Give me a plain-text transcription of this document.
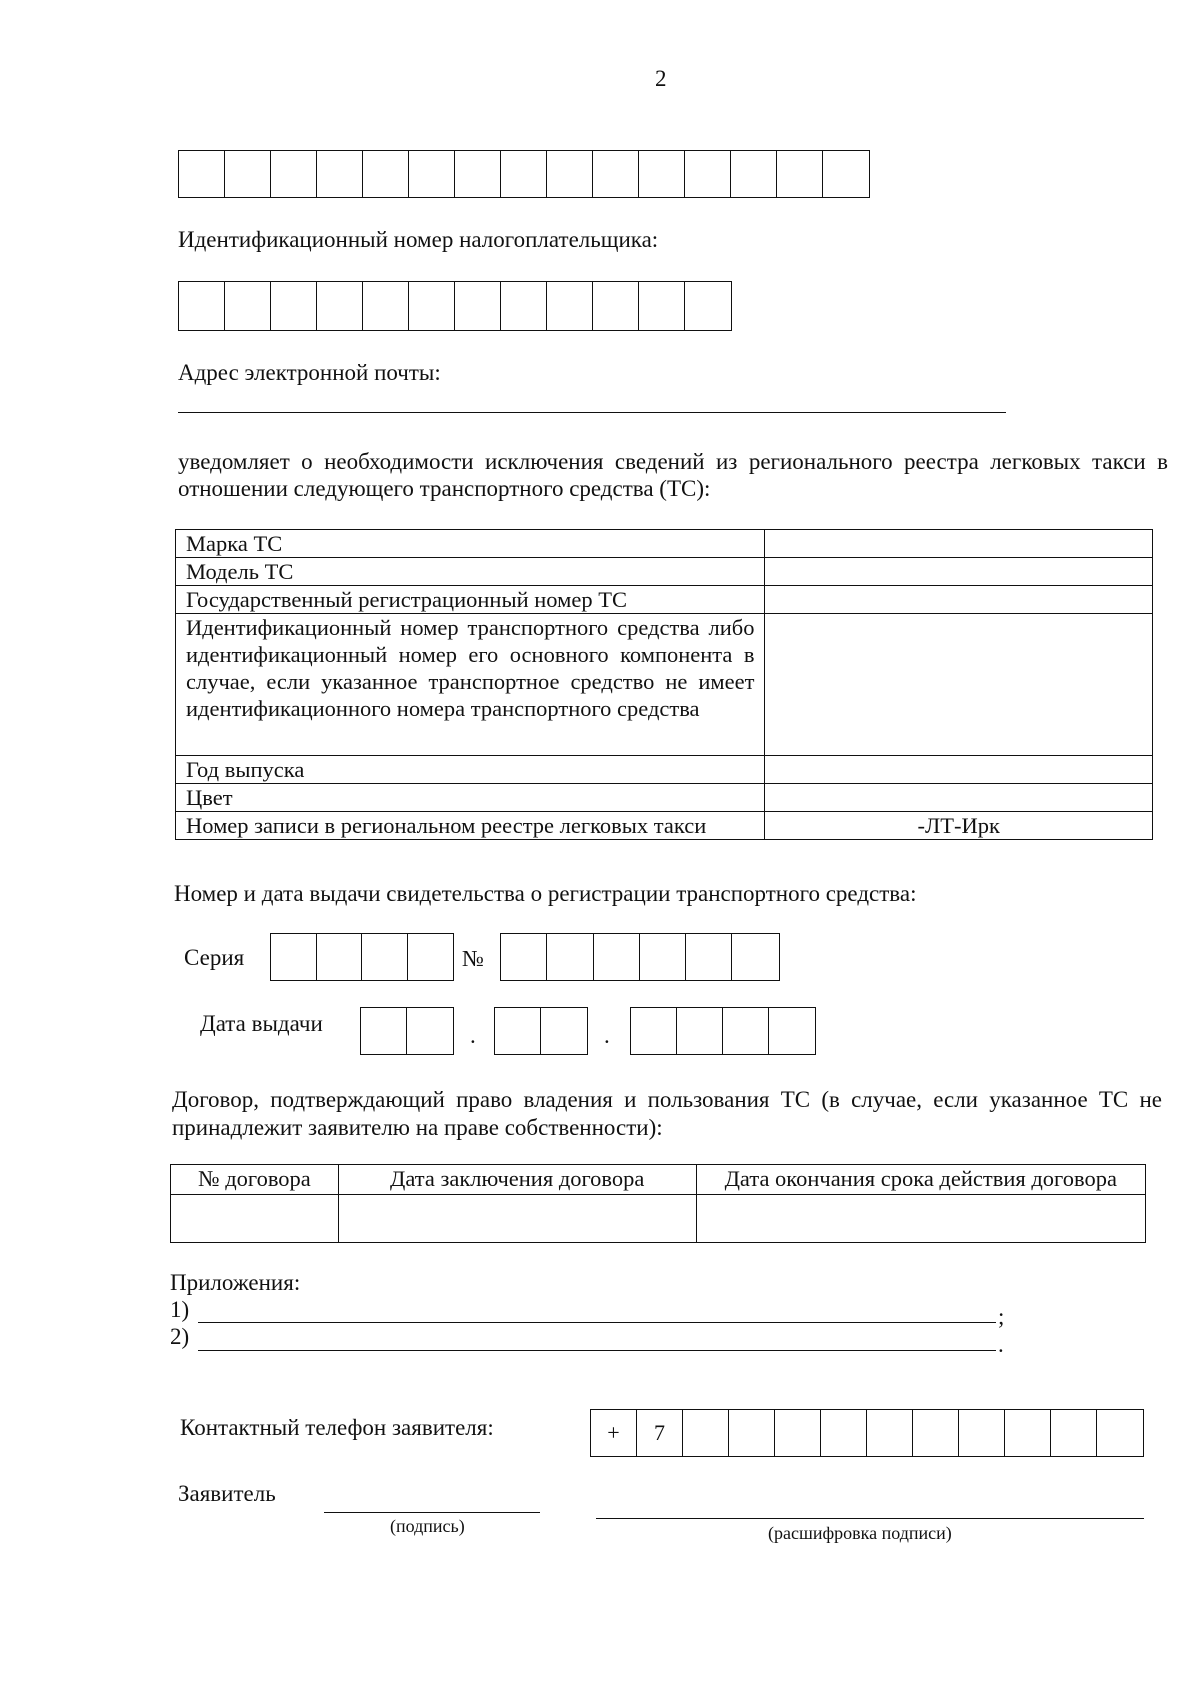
2
Идентификационный номер налогоплательщика:
Адрес электронной почты:
уведомляет о необходимости исключения сведений из регионального реестра легковых такси в отношении следующего транспортного средства (ТС):
Марка ТС	
Модель ТС	
Государственный регистрационный номер ТС	
Идентификационный номер транспортного средства либо идентификационный номер его основного компонента в случае, если указанное транспортное средство не имеет идентификационного номера транспортного средства	
Год выпуска	
Цвет	
Номер записи в региональном реестре легковых такси	-ЛТ-Ирк
Номер и дата выдачи свидетельства о регистрации транспортного средства:
Серия	№
Дата выдачи	.	.
Договор, подтверждающий право владения и пользования ТС (в случае, если указанное ТС не принадлежит заявителю на праве собственности):
№ договора	Дата заключения договора	Дата окончания срока действия договора

Приложения:
1)	;
2)	.
Контактный телефон заявителя:	+	7
Заявитель
(подпись)	(расшифровка подписи)
